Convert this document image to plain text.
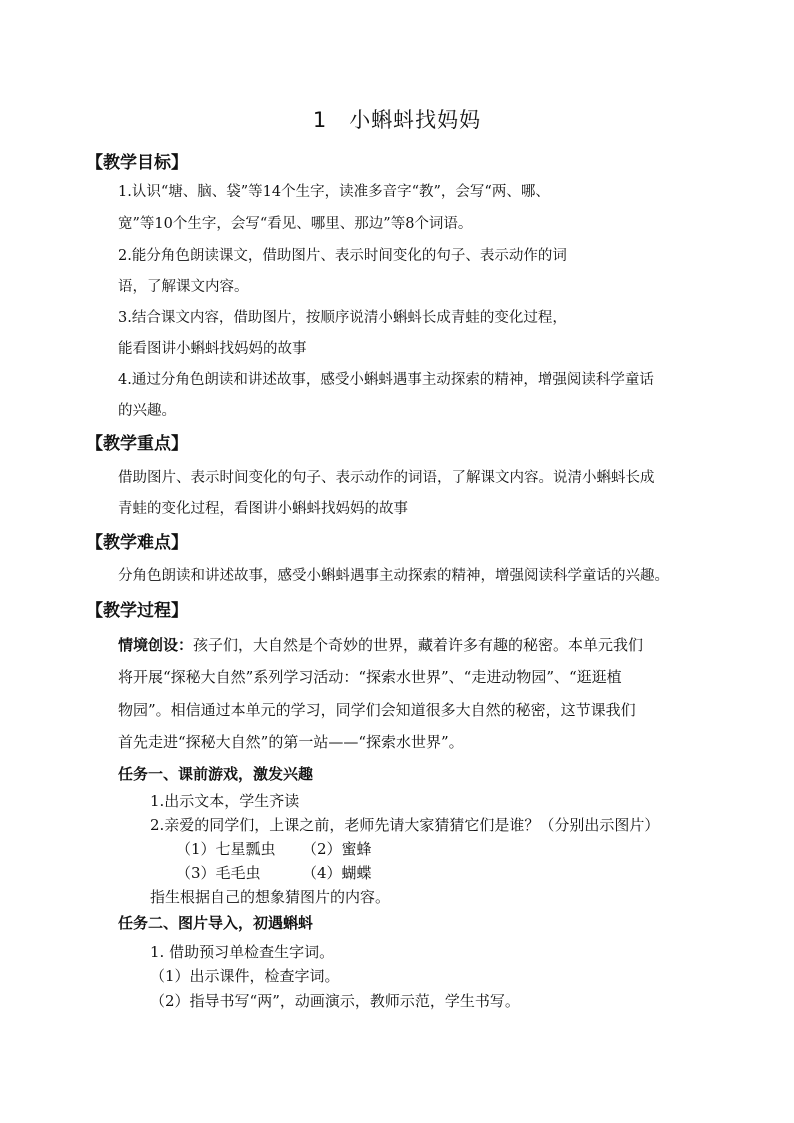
1 小蝌蚪找妈妈
【教学目标】
1.认识“塘、脑、袋”等14个生字，读准多音字“教”，会写“两、哪、
宽”等10个生字，会写“看见、哪里、那边”等8个词语。
2.能分角色朗读课文，借助图片、表示时间变化的句子、表示动作的词
语，了解课文内容。
3.结合课文内容，借助图片，按顺序说清小蝌蚪长成青蛙的变化过程，
能看图讲小蝌蚪找妈妈的故事
4.通过分角色朗读和讲述故事，感受小蝌蚪遇事主动探索的精神，增强阅读科学童话
的兴趣。
【教学重点】
借助图片、表示时间变化的句子、表示动作的词语，了解课文内容。说清小蝌蚪长成
青蛙的变化过程，看图讲小蝌蚪找妈妈的故事
【教学难点】
分角色朗读和讲述故事，感受小蝌蚪遇事主动探索的精神，增强阅读科学童话的兴趣。
【教学过程】
情境创设：孩子们，大自然是个奇妙的世界，藏着许多有趣的秘密。本单元我们
将开展“探秘大自然”系列学习活动：“探索水世界”、“走进动物园”、“逛逛植
物园”。相信通过本单元的学习，同学们会知道很多大自然的秘密，这节课我们
首先走进“探秘大自然”的第一站——“探索水世界”。
任务一、课前游戏，激发兴趣
1.出示文本，学生齐读
2.亲爱的同学们，上课之前，老师先请大家猜猜它们是谁？（分别出示图片）
（1）七星瓢虫 （2）蜜蜂
（3）毛毛虫	（4）蝴蝶
指生根据自己的想象猜图片的内容。
任务二、图片导入，初遇蝌蚪
1. 借助预习单检查生字词。
（1）出示课件，检查字词。
（2）指导书写“两”，动画演示，教师示范，学生书写。
